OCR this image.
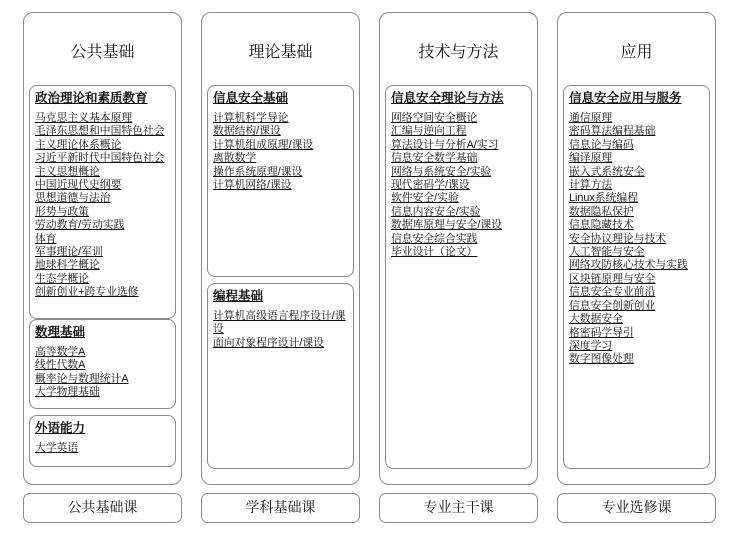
公共基础
政治理论和素质教育
马克思主义基本原理
毛泽东思想和中国特色社会
主义理论体系概论
习近平新时代中国特色社会
主义思想概论
中国近现代史纲要
思想道德与法治
形势与政策
劳动教育/劳动实践
体育
军事理论/军训
地球科学概论
生态学概论
创新创业+跨专业选修
数理基础
高等数学A
线性代数A
概率论与数理统计A
大学物理基础
外语能力
大学英语
理论基础
信息安全基础
计算机科学导论
数据结构/课设
计算机组成原理/课设
离散数学
操作系统原理/课设
计算机网络/课设
编程基础
计算机高级语言程序设计/课设
面向对象程序设计/课设
技术与方法
信息安全理论与方法
网络空间安全概论
汇编与逆向工程
算法设计与分析A/实习
信息安全数学基础
网络与系统安全/实验
现代密码学/课设
软件安全/实验
信息内容安全/实验
数据库原理与安全/课设
信息安全综合实践
毕业设计（论文）
应用
信息安全应用与服务
通信原理
密码算法编程基础
信息论与编码
编译原理
嵌入式系统安全
计算方法
Linux系统编程
数据隐私保护
信息隐藏技术
安全协议理论与技术
人工智能与安全
网络攻防核心技术与实践
区块链原理与安全
信息安全专业前沿
信息安全创新创业
大数据安全
格密码学导引
深度学习
数字图像处理
公共基础课	学科基础课	专业主干课	专业选修课
